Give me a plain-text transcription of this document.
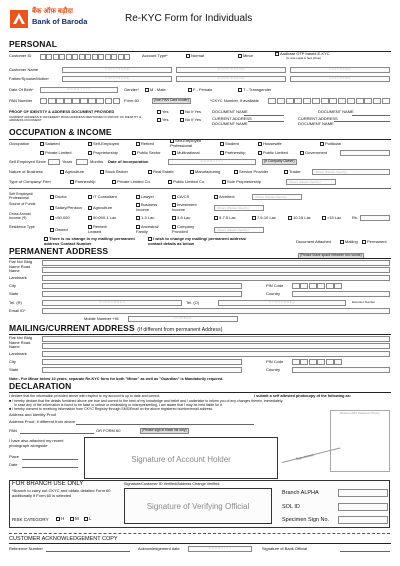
बैंक ऑफ़ बड़ौदा
Bank of Baroda	Re-KYC Form for Individuals
PERSONAL
Customer ID	Account Type*	Normal	Minor	Aadhaar OTP based E-KYC
(to note equal to face photo)
Customer Name	F I R S T N A M E	M I D D L E N A M E	L A S T N A M E
Father/Spouse/Mother	F I R S T N A M E	M I D D L E N A M E	L A S T N A M E
Date Of Birth*	D D M M Y Y Y Y	Gender*	M - Male	F - Female	T - Transgender
PAN Number	Form 60	(Non PAN Card holder)	*CKYC Number, if available
PROOF OF IDENTITY & ADDRESS DOCUMENT PROVIDED
CURRENT ADDRESS IF DIFFERENT FROM ADDRESS MENTIONED IN PROOF OF IDENTITY & ADDRESS DOCUMENT
Yes	No If Yes	DOCUMENT NAME	DOCUMENT NAME
Yes	No If Yes	CURRENT ADDRESS
DOCUMENT NAME
CURRENT ADDRESS
DOCUMENT NAME
OCCUPATION & INCOME
Occupation	Salaried	Self-Employed	Retired
Self-Employed Professional	Student	Housewife	Politician
Private Limited	Proprietorship	Public Sector	Multinational	Partnership	Public Limited	Government
Self Employed Since	Years	Months Date of Incorporation	D D M M Y Y Y Y	(If Company Owner)
Nature of Business	Agriculture	Stock Broker	Real Estate	Manufacturing	Service Provider	Trader	Others (Please Specify)
Type of Company/ Firm	Partnership	Private Limited Co.	Public Limited Co.	Sole Proprietorship	Others (Please Specify)
Self Employed/ Professional	Doctor	IT Consultant	Lawyer	CA/CS	Architect	Others (Please Specify)
Source of Funds
Salary/Pension	Agriculture
Business Income
Investment Income	Others (Please Specify)
Gross Annual Income (₹)	<50,000	50,000-1 Lac	1-3 Lac	3-5 Lac	5-7.5 Lac	7.5-10 Lac	10-15 Lac	>15 Lac	Rs.
Residence Type
Owned
Rented/ Leased
Ancestral/ Family
Company Provided	Others (Please Specify)
There is no change in my mailing/ permanent address Contact Number
I wish to change my mailing/ permanent address/ contact details as below	Document Attached	Mailing	Permanent
PERMANENT ADDRESS	(Please leave space between two words)
Flat No/ Bldg Name Road Name
Landmark
City	PIN Code
State	Country
Tel. (R)	S T D N U M B E R	Tel. (O)	S T D N U M B E R	Extension Number
Email ID*
Mobile Number +91	N U M B E R
MAILING/CURRENT ADDRESS (If different from permanent Address)
Flat No/ Bldg Name Road Name
Landmark
City	PIN Code
State	Country
Note:- For Minor below 10 years, separate Re-KYC form for both "Minor" as well as "Guardian" is Mandatorily required.
DECLARATION
I declare that the information provided above with respect to my account is up to date and correct.	I submit a self attested photocopy of the following as:
■ I hereby declare that the details furnished above are true and correct to the best of my knowledge and belief and I undertake to inform you of any changes therein, immediately.
In case any of the information is found to be false or untrue or misleading or misrepresenting, I am aware that I may be held liable for it.
■ I hereby consent to receiving information from CKYC Registry through SMS/Email on the above registered number/email address.
Address and Identity Proof
Address Proof, if different from above
PAN	OR FORM 60	(Please sign in black ink only)
I have also attached my recent photograph alongside
Place
Date
Signature of Account Holder
Recent (Affix Passport Photo)
Sign Across
FOR BRANCH USE ONLY	Signature/Customer ID Verified/Address Change Verified
*Branch to carry out CKYC and obtain detailed Form 60 additionally if Form 60 is selected
Signature of Verifying Official
Branch ALPHA
SOL ID
Specimen Sign No.
RISK CATEGORY	H	M	L
CUSTOMER ACKNOWLEDGEMENT COPY
Reference Number	Acknowledgement date	D D M M Y Y Y Y	Signature of Bank Official
